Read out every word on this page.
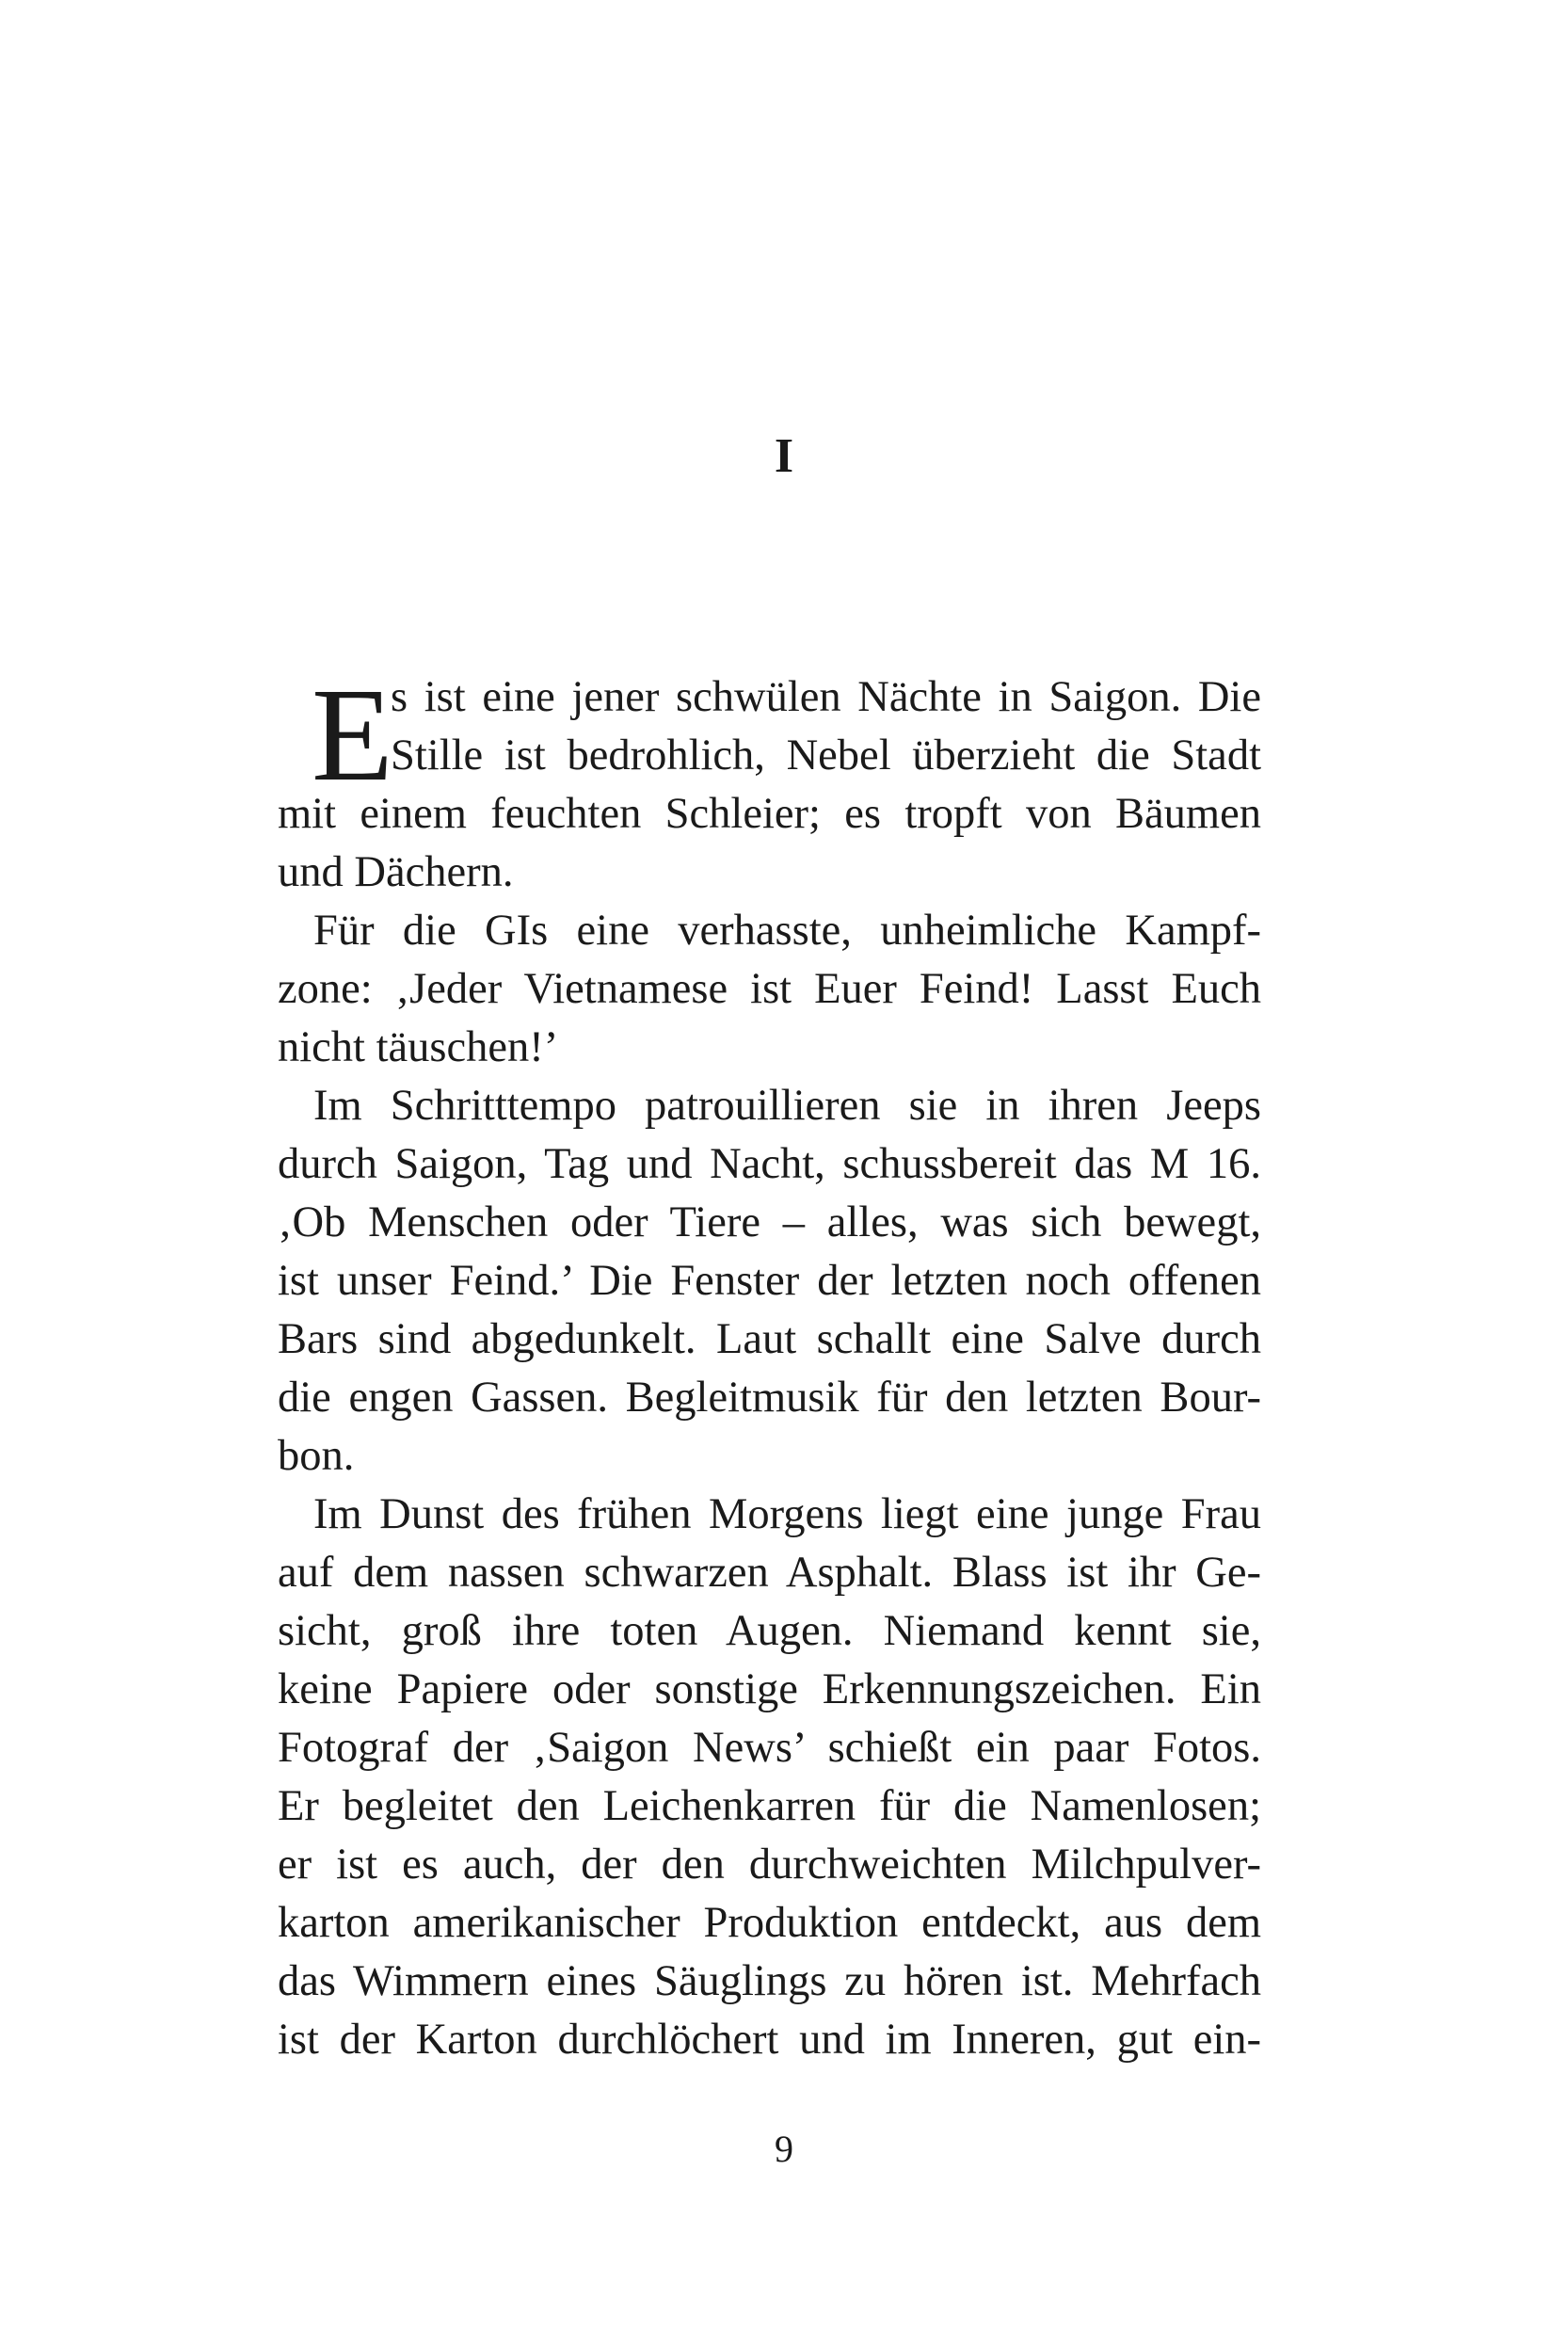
I
E
s ist eine jener schwülen Nächte in Saigon. Die
Stille ist bedrohlich, Nebel überzieht die Stadt
mit einem feuchten Schleier; es tropft von Bäumen
und Dächern.
Für die GIs eine verhasste, unheimliche Kampf-
zone: ‚Jeder Vietnamese ist Euer Feind! Lasst Euch
nicht täuschen!’
Im Schritttempo patrouillieren sie in ihren Jeeps
durch Saigon, Tag und Nacht, schussbereit das M 16.
‚Ob Menschen oder Tiere – alles, was sich bewegt,
ist unser Feind.’ Die Fenster der letzten noch offenen
Bars sind abgedunkelt. Laut schallt eine Salve durch
die engen Gassen. Begleitmusik für den letzten Bour-
bon.
Im Dunst des frühen Morgens liegt eine junge Frau
auf dem nassen schwarzen Asphalt. Blass ist ihr Ge-
sicht, groß ihre toten Augen. Niemand kennt sie,
keine Papiere oder sonstige Erkennungszeichen. Ein
Fotograf der ‚Saigon News’ schießt ein paar Fotos.
Er begleitet den Leichenkarren für die Namenlosen;
er ist es auch, der den durchweichten Milchpulver-
karton amerikanischer Produktion entdeckt, aus dem
das Wimmern eines Säuglings zu hören ist. Mehrfach
ist der Karton durchlöchert und im Inneren, gut ein-
9
